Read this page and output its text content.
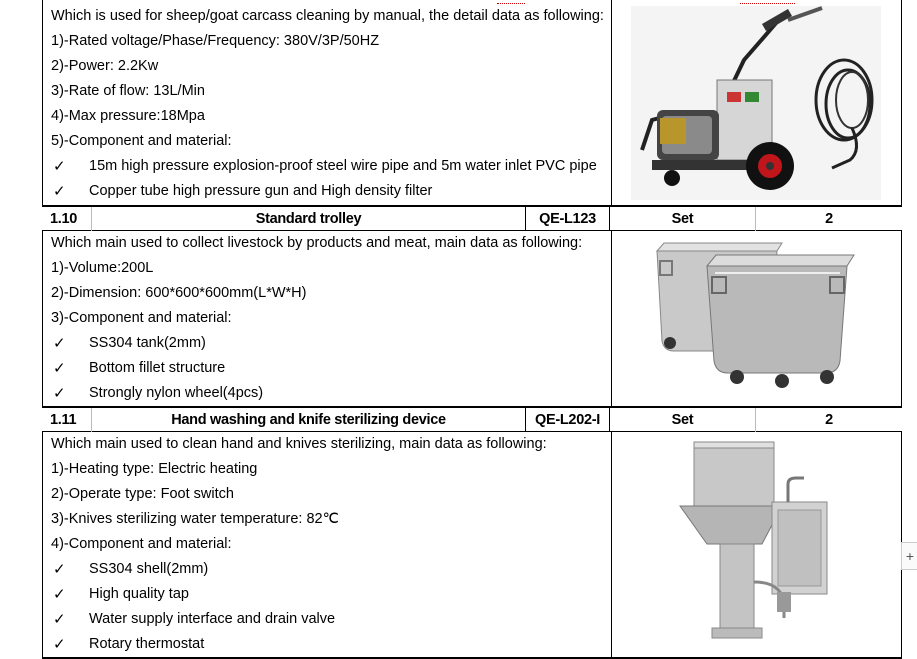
Which is used for sheep/goat carcass cleaning by manual, the detail data as following:
1)-Rated voltage/Phase/Frequency: 380V/3P/50HZ
2)-Power: 2.2Kw
3)-Rate of flow: 13L/Min
4)-Max pressure:18Mpa
5)-Component and material:
✓	15m high pressure explosion-proof steel wire pipe and 5m water inlet PVC pipe
✓	Copper tube high pressure gun and High density filter
1.10	Standard trolley	QE-L123	Set	2
Which main used to collect livestock by products and meat, main data as following:
1)-Volume:200L
2)-Dimension: 600*600*600mm(L*W*H)
3)-Component and material:
✓	SS304 tank(2mm)
✓	Bottom fillet structure
✓	Strongly nylon wheel(4pcs)
1.11	Hand washing and knife sterilizing device	QE-L202-I	Set	2
Which main used to clean hand and knives sterilizing, main data as following:
1)-Heating type: Electric heating
2)-Operate type: Foot switch
3)-Knives sterilizing water temperature: 82℃
4)-Component and material:
✓	SS304 shell(2mm)
✓	High quality tap
✓	Water supply interface and drain valve
✓	Rotary thermostat
+
